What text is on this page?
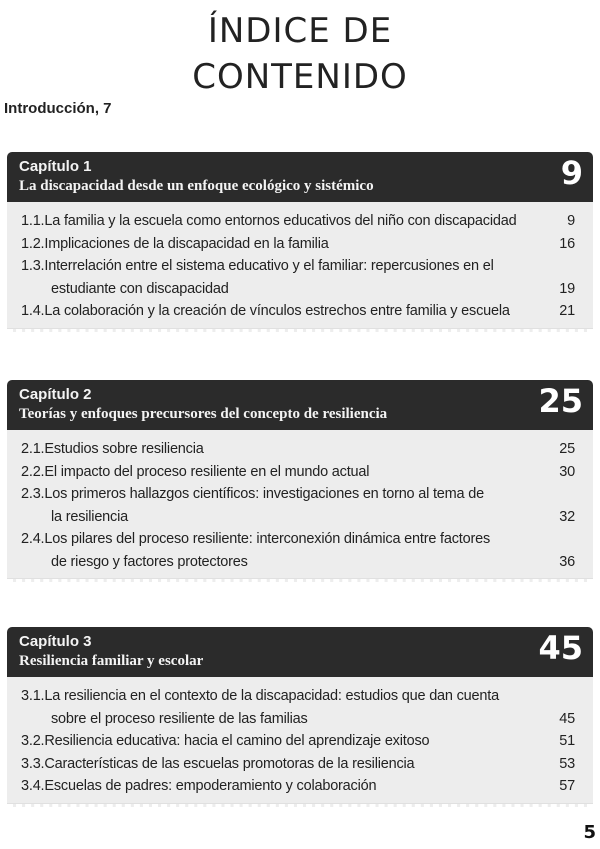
ÍNDICE DE
CONTENIDO
Introducción, 7
Capítulo 1
La discapacidad desde un enfoque ecológico y sistémico	9
1.1. La familia y la escuela como entornos educativos del niño con discapacidad	9
1.2. Implicaciones de la discapacidad en la familia	16
1.3. Interrelación entre el sistema educativo y el familiar: repercusiones en el
estudiante con discapacidad	19
1.4. La colaboración y la creación de vínculos estrechos entre familia y escuela	21
Capítulo 2
Teorías y enfoques precursores del concepto de resiliencia	25
2.1. Estudios sobre resiliencia	25
2.2. El impacto del proceso resiliente en el mundo actual	30
2.3. Los primeros hallazgos científicos: investigaciones en torno al tema de
la resiliencia	32
2.4. Los pilares del proceso resiliente: interconexión dinámica entre factores
de riesgo y factores protectores	36
Capítulo 3
Resiliencia familiar y escolar	45
3.1. La resiliencia en el contexto de la discapacidad: estudios que dan cuenta
sobre el proceso resiliente de las familias	45
3.2. Resiliencia educativa: hacia el camino del aprendizaje exitoso	51
3.3. Características de las escuelas promotoras de la resiliencia	53
3.4. Escuelas de padres: empoderamiento y colaboración	57
5
